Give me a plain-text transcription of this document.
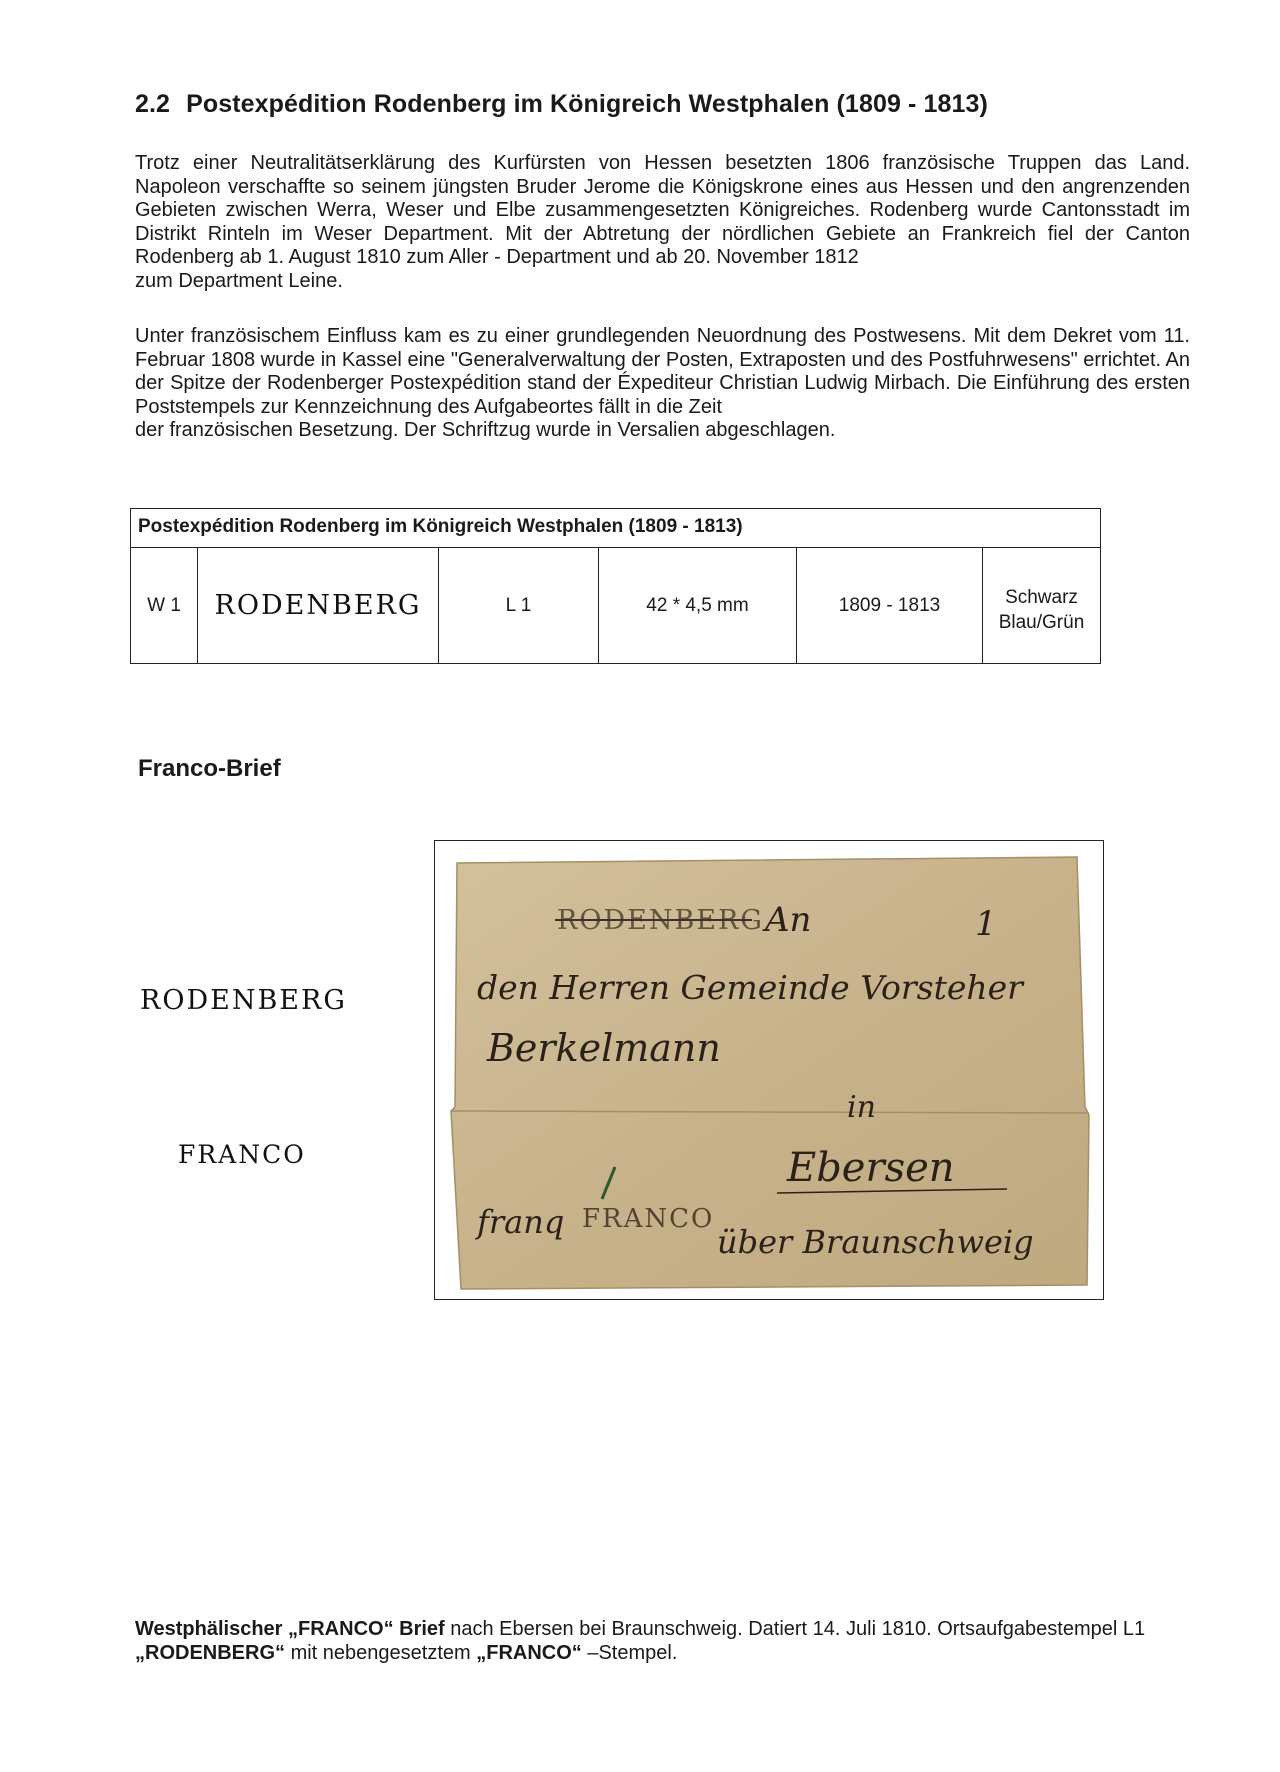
2.2 Postexpédition Rodenberg im Königreich Westphalen (1809 - 1813)
Trotz einer Neutralitätserklärung des Kurfürsten von Hessen besetzten 1806 französische Truppen das Land. Napoleon verschaffte so seinem jüngsten Bruder Jerome die Königskrone eines aus Hessen und den angrenzenden Gebieten zwischen Werra, Weser und Elbe zusammengesetzten Königreiches. Rodenberg wurde Cantonsstadt im Distrikt Rinteln im Weser Department. Mit der Abtretung der nördlichen Gebiete an Frankreich fiel der Canton Rodenberg ab 1. August 1810 zum Aller - Department und ab 20. November 1812
zum Department Leine.
Unter französischem Einfluss kam es zu einer grundlegenden Neuordnung des Postwesens. Mit dem Dekret vom 11. Februar 1808 wurde in Kassel eine "Generalverwaltung der Posten, Extraposten und des Postfuhrwesens" errichtet. An der Spitze der Rodenberger Postexpédition stand der Éxpediteur Christian Ludwig Mirbach. Die Einführung des ersten Poststempels zur Kennzeichnung des Aufgabeortes fällt in die Zeit
der französischen Besetzung. Der Schriftzug wurde in Versalien abgeschlagen.
Postexpédition Rodenberg im Königreich Westphalen (1809 - 1813)
W 1	RODENBERG	L 1	42 * 4,5 mm	1809 - 1813	Schwarz
Blau/Grün
Franco-Brief
RODENBERG
FRANCO
RODENBERG An	1
den Herren Gemeinde Vorsteher
Berkelmann
in
Ebersen
über Braunschweig
franq FRANCO
Westphälischer „FRANCO“ Brief nach Ebersen bei Braunschweig. Datiert 14. Juli 1810. Ortsaufgabestempel L1 „RODENBERG“ mit nebengesetztem „FRANCO“ –Stempel.
